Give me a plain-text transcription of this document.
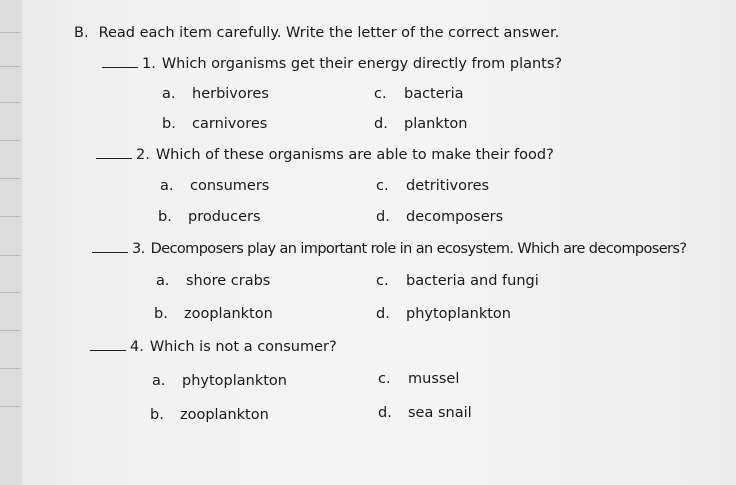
B. Read each item carefully. Write the letter of the correct answer.
1. Which organisms get their energy directly from plants?
a. herbivores	c. bacteria
b. carnivores	d. plankton
2. Which of these organisms are able to make their food?
a. consumers	c. detritivores
b. producers	d. decomposers
3. Decomposers play an important role in an ecosystem. Which are decomposers?
a. shore crabs	c. bacteria and fungi
b. zooplankton	d. phytoplankton
4. Which is not a consumer?
a. phytoplankton	c. mussel
b. zooplankton	d. sea snail
